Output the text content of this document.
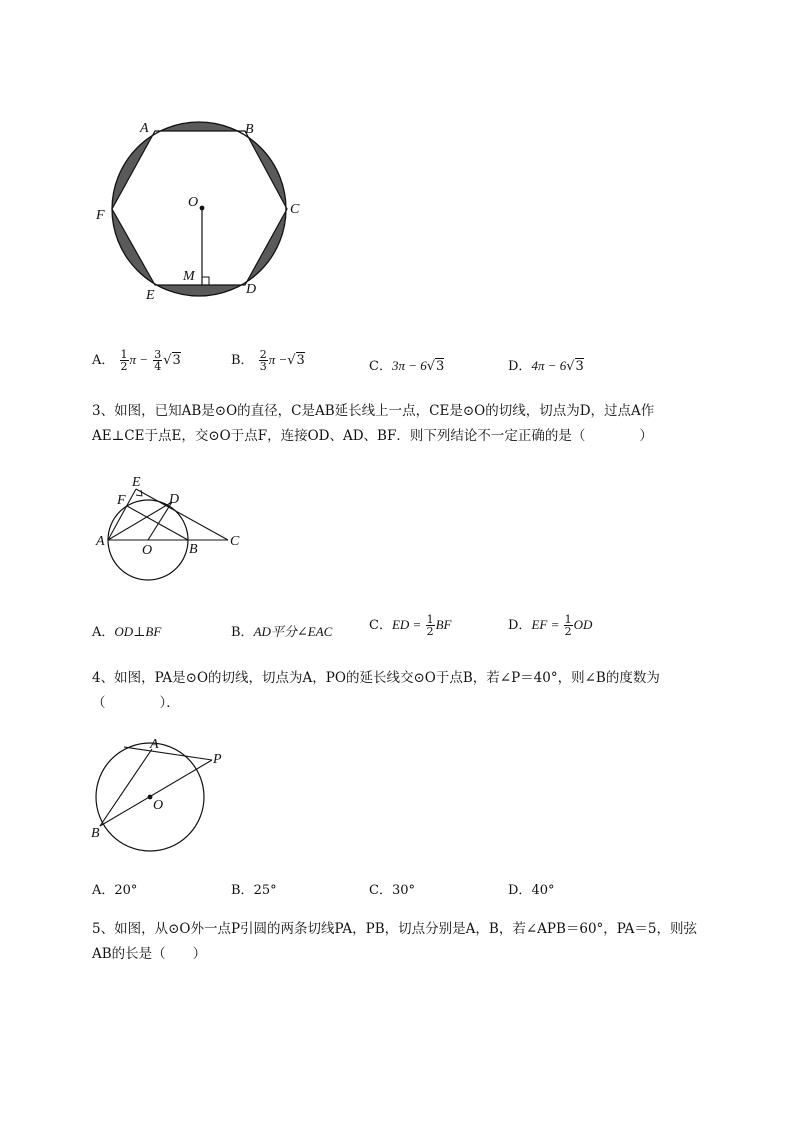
A	B
C
D
E
F
O
M
A． $\frac{1}{2}$ $\pi - \frac{3}{4} √3$	B． $\frac{2}{3}$ π −√3	C．3π − 6√3	D．4π − 6√3
3、如图，已知AB是⊙O的直径，C是AB延长线上一点，CE是⊙O的切线，切点为D，过点A作
AE⊥CE于点E，交⊙O于点F，连接OD、AD、BF．则下列结论不一定正确的是（　　　　）
A
B
C
D
E
F
O
A．OD⊥BF	B．AD平分∠EAC	C．ED = $\frac{1}{2}$ BF	D．EF = $\frac{1}{2}$ OD
4、如图，PA是⊙O的切线，切点为A，PO的延长线交⊙O于点B，若∠P＝40°，则∠B的度数为
（　　　　）．
A
B
O
P
A．20°	B．25°	C．30°	D．40°
5、如图，从⊙O外一点P引圆的两条切线PA，PB，切点分别是A，B，若∠APB＝60°，PA＝5，则弦
AB的长是（　　）
